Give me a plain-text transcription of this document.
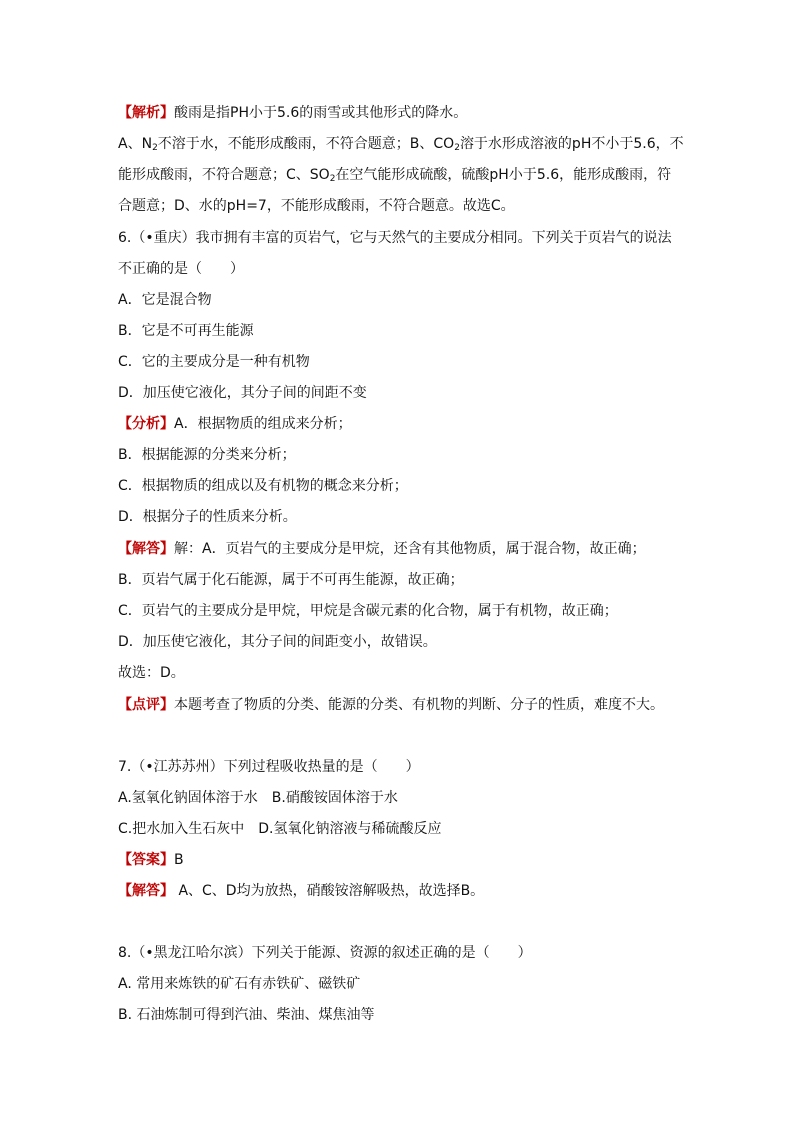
【解析】酸雨是指PH小于5.6的雨雪或其他形式的降水。
A、$N_2$不溶于水，不能形成酸雨，不符合题意；B、$CO_2$溶于水形成溶液的pH不小于5.6，不
能形成酸雨，不符合题意；C、$SO_2$在空气能形成硫酸，硫酸pH小于5.6，能形成酸雨，符
合题意；D、水的pH=7，不能形成酸雨，不符合题意。故选C。
6.（•重庆）我市拥有丰富的页岩气，它与天然气的主要成分相同。下列关于页岩气的说法
不正确的是（　　）
A．它是混合物
B．它是不可再生能源
C．它的主要成分是一种有机物
D．加压使它液化，其分子间的间距不变
【分析】A．根据物质的组成来分析；
B．根据能源的分类来分析；
C．根据物质的组成以及有机物的概念来分析；
D．根据分子的性质来分析。
【解答】解：A．页岩气的主要成分是甲烷，还含有其他物质，属于混合物，故正确；
B．页岩气属于化石能源，属于不可再生能源，故正确；
C．页岩气的主要成分是甲烷，甲烷是含碳元素的化合物，属于有机物，故正确；
D．加压使它液化，其分子间的间距变小，故错误。
故选：D。
【点评】本题考查了物质的分类、能源的分类、有机物的判断、分子的性质，难度不大。
7.（•江苏苏州）下列过程吸收热量的是（　　）
A.氢氧化钠固体溶于水　B.硝酸铵固体溶于水
C.把水加入生石灰中　D.氢氧化钠溶液与稀硫酸反应
【答案】B
【解答】 A、C、D均为放热，硝酸铵溶解吸热，故选择B。
8.（•黑龙江哈尔滨）下列关于能源、资源的叙述正确的是（　　）
A. 常用来炼铁的矿石有赤铁矿、磁铁矿
B. 石油炼制可得到汽油、柴油、煤焦油等
